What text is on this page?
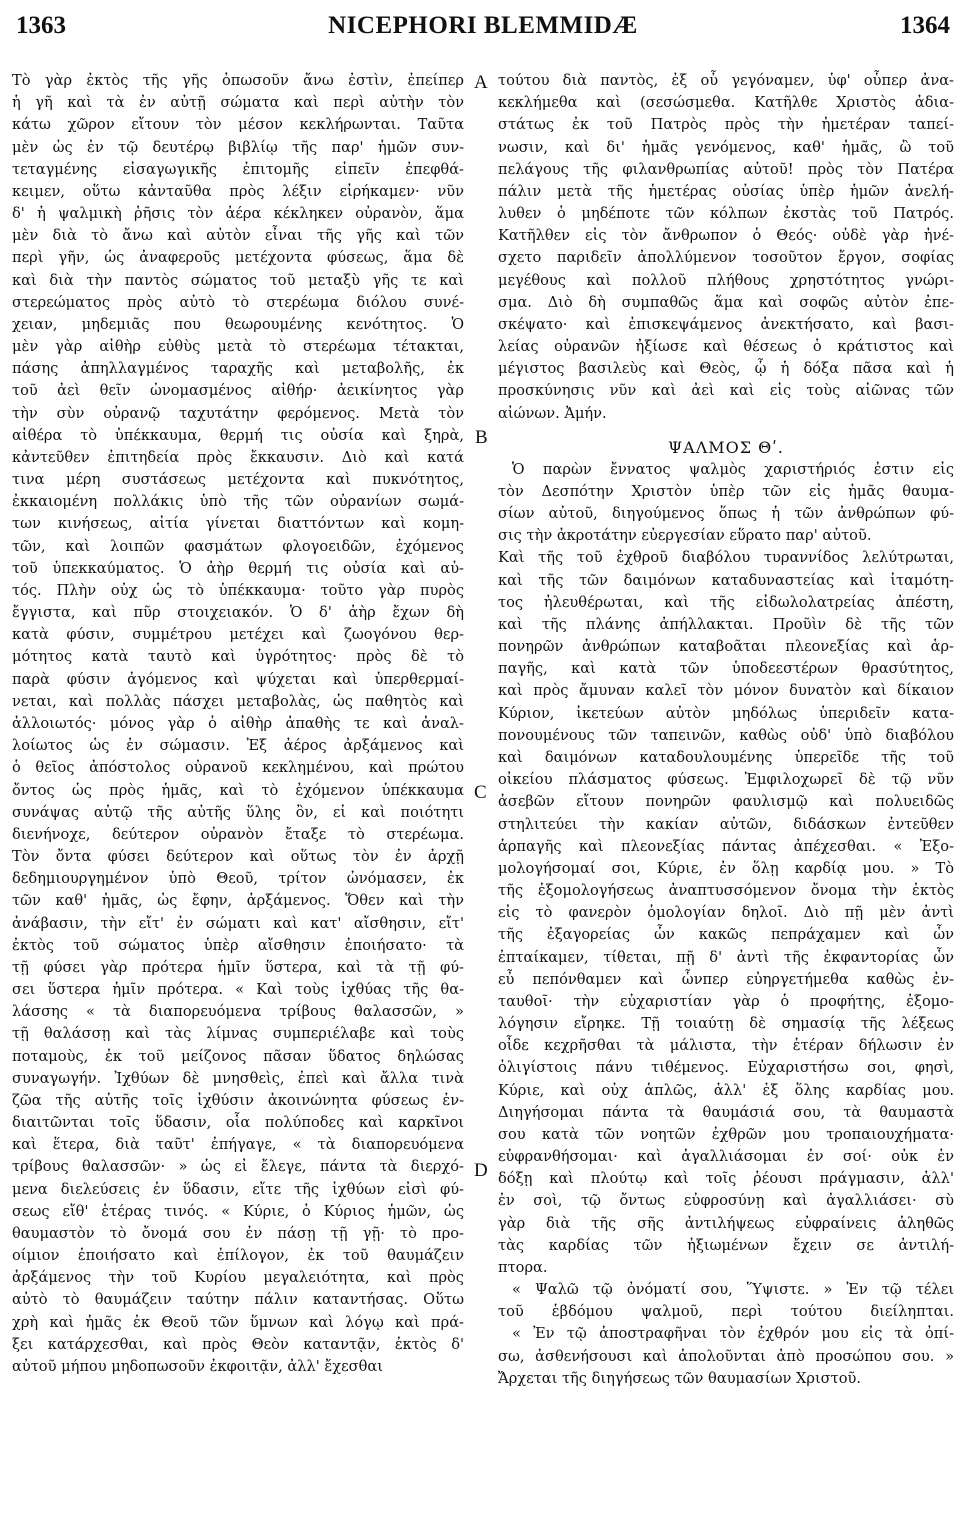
1363	NICEPHORI BLEMMIDÆ	1364
A
B
C
D
Τὸ γὰρ ἐκτὸς τῆς γῆς ὁπωσοῦν ἄνω ἐστὶν, ἐπείπερ
ἡ γῆ καὶ τὰ ἐν αὐτῇ σώματα καὶ περὶ αὐτὴν τὸν
κάτω χῶρον εἴτουν τὸν μέσον κεκλήρωνται. Ταῦτα
μὲν ὡς ἐν τῷ δευτέρῳ βιβλίῳ τῆς παρ' ἡμῶν συν-
τεταγμένης εἰσαγωγικῆς ἐπιτομῆς εἰπεῖν ἐπεφθά-
κειμεν, οὕτω κἀνταῦθα πρὸς λέξιν εἰρήκαμεν· νῦν
δ' ἡ ψαλμικὴ ῥῆσις τὸν ἀέρα κέκληκεν οὐρανὸν, ἅμα
μὲν διὰ τὸ ἄνω καὶ αὐτὸν εἶναι τῆς γῆς καὶ τῶν
περὶ γῆν, ὡς ἀναφεροῦς μετέχοντα φύσεως, ἅμα δὲ
καὶ διὰ τὴν παντὸς σώματος τοῦ μεταξὺ γῆς τε καὶ
στερεώματος πρὸς αὐτὸ τὸ στερέωμα διόλου συνέ-
χειαν, μηδεμιᾶς που θεωρουμένης κενότητος. Ὁ
μὲν γὰρ αἰθὴρ εὐθὺς μετὰ τὸ στερέωμα τέτακται,
πάσης ἀπηλλαγμένος ταραχῆς καὶ μεταβολῆς, ἐκ
τοῦ ἀεὶ θεῖν ὠνομασμένος αἰθήρ· ἀεικίνητος γὰρ
τὴν σὺν οὐρανῷ ταχυτάτην φερόμενος. Μετὰ τὸν
αἰθέρα τὸ ὑπέκκαυμα, θερμή τις οὐσία καὶ ξηρὰ,
κἀντεῦθεν ἐπιτηδεία πρὸς ἔκκαυσιν. Διὸ καὶ κατά
τινα μέρη συστάσεως μετέχοντα καὶ πυκνότητος,
ἐκκαιομένη πολλάκις ὑπὸ τῆς τῶν οὐρανίων σωμά-
των κινήσεως, αἰτία γίνεται διαττόντων καὶ κομη-
τῶν, καὶ λοιπῶν φασμάτων φλογοειδῶν, ἐχόμενος
τοῦ ὑπεκκαύματος. Ὁ ἀὴρ θερμή τις οὐσία καὶ αὐ-
τός. Πλὴν οὐχ ὡς τὸ ὑπέκκαυμα· τοῦτο γὰρ πυρὸς
ἔγγιστα, καὶ πῦρ στοιχειακόν. Ὁ δ' ἀὴρ ἔχων δὴ
κατὰ φύσιν, συμμέτρου μετέχει καὶ ζωογόνου θερ-
μότητος κατὰ ταυτὸ καὶ ὑγρότητος· πρὸς δὲ τὸ
παρὰ φύσιν ἀγόμενος καὶ ψύχεται καὶ ὑπερθερμαί-
νεται, καὶ πολλὰς πάσχει μεταβολὰς, ὡς παθητὸς καὶ
ἀλλοιωτός· μόνος γὰρ ὁ αἰθὴρ ἀπαθὴς τε καὶ ἀναλ-
λοίωτος ὡς ἐν σώμασιν. Ἐξ ἀέρος ἀρξάμενος καὶ
ὁ θεῖος ἀπόστολος οὐρανοῦ κεκλημένου, καὶ πρώτου
ὄντος ὡς πρὸς ἡμᾶς, καὶ τὸ ἐχόμενον ὑπέκκαυμα
συνάψας αὐτῷ τῆς αὐτῆς ὕλης ὂν, εἰ καὶ ποιότητι
διενήνοχε, δεύτερον οὐρανὸν ἔταξε τὸ στερέωμα.
Τὸν ὄντα φύσει δεύτερον καὶ οὕτως τὸν ἐν ἀρχῇ
δεδημιουργημένον ὑπὸ Θεοῦ, τρίτον ὠνόμασεν, ἐκ
τῶν καθ' ἡμᾶς, ὡς ἔφην, ἀρξάμενος. Ὅθεν καὶ τὴν
ἀνάβασιν, τὴν εἴτ' ἐν σώματι καὶ κατ' αἴσθησιν, εἴτ'
ἐκτὸς τοῦ σώματος ὑπὲρ αἴσθησιν ἐποιήσατο· τὰ
τῇ φύσει γὰρ πρότερα ἡμῖν ὕστερα, καὶ τὰ τῇ φύ-
σει ὕστερα ἡμῖν πρότερα. « Καὶ τοὺς ἰχθύας τῆς θα-
λάσσης « τὰ διαπορευόμενα τρίβους θαλασσῶν, »
τῇ θαλάσσῃ καὶ τὰς λίμνας συμπεριέλαβε καὶ τοὺς
ποταμοὺς, ἐκ τοῦ μείζονος πᾶσαν ὕδατος δηλώσας
συναγωγήν. Ἰχθύων δὲ μνησθεὶς, ἐπεὶ καὶ ἄλλα τινὰ
ζῶα τῆς αὐτῆς τοῖς ἰχθύσιν ἀκοινώνητα φύσεως ἐν-
διαιτῶνται τοῖς ὕδασιν, οἷα πολύποδες καὶ καρκῖνοι
καὶ ἕτερα, διὰ ταῦτ' ἐπήγαγε, « τὰ διαπορευόμενα
τρίβους θαλασσῶν· » ὡς εἰ ἔλεγε, πάντα τὰ διερχό-
μενα διελεύσεις ἐν ὕδασιν, εἴτε τῆς ἰχθύων εἰσὶ φύ-
σεως εἴθ' ἑτέρας τινός. « Κύριε, ὁ Κύριος ἡμῶν, ὡς
θαυμαστὸν τὸ ὄνομά σου ἐν πάσῃ τῇ γῇ· τὸ προ-
οίμιον ἐποιήσατο καὶ ἐπίλογον, ἐκ τοῦ θαυμάζειν
ἀρξάμενος τὴν τοῦ Κυρίου μεγαλειότητα, καὶ πρὸς
αὐτὸ τὸ θαυμάζειν ταύτην πάλιν καταντήσας. Οὕτω
χρὴ καὶ ἡμᾶς ἐκ Θεοῦ τῶν ὕμνων καὶ λόγῳ καὶ πρά-
ξει κατάρχεσθαι, καὶ πρὸς Θεὸν καταντᾷν, ἐκτὸς δ'
αὐτοῦ μήπου μηδοπωσοῦν ἐκφοιτᾷν, ἀλλ' ἔχεσθαι
τούτου διὰ παντὸς, ἐξ οὗ γεγόναμεν, ὑφ' οὗπερ ἀνα-
κεκλήμεθα καὶ (σεσώσμεθα. Κατῆλθε Χριστὸς ἀδια-
στάτως ἐκ τοῦ Πατρὸς πρὸς τὴν ἡμετέραν ταπεί-
νωσιν, καὶ δι' ἡμᾶς γενόμενος, καθ' ἡμᾶς, ὢ τοῦ
πελάγους τῆς φιλανθρωπίας αὐτοῦ! πρὸς τὸν Πατέρα
πάλιν μετὰ τῆς ἡμετέρας οὐσίας ὑπὲρ ἡμῶν ἀνελή-
λυθεν ὁ μηδέποτε τῶν κόλπων ἐκστὰς τοῦ Πατρός.
Κατῆλθεν εἰς τὸν ἄνθρωπον ὁ Θεός· οὐδὲ γὰρ ἠνέ-
σχετο παριδεῖν ἀπολλύμενον τοσοῦτον ἔργον, σοφίας
μεγέθους καὶ πολλοῦ πλήθους χρηστότητος γνώρι-
σμα. Διὸ δὴ συμπαθῶς ἅμα καὶ σοφῶς αὐτὸν ἐπε-
σκέψατο· καὶ ἐπισκεψάμενος ἀνεκτήσατο, καὶ βασι-
λείας οὐρανῶν ἠξίωσε καὶ θέσεως ὁ κράτιστος καὶ
μέγιστος βασιλεὺς καὶ Θεὸς, ᾧ ἡ δόξα πᾶσα καὶ ἡ
προσκύνησις νῦν καὶ ἀεὶ καὶ εἰς τοὺς αἰῶνας τῶν
αἰώνων. Ἀμήν.
ΨΑΛΜΟΣ Θʹ.
Ὁ παρὼν ἔννατος ψαλμὸς χαριστήριός ἐστιν εἰς
τὸν Δεσπότην Χριστὸν ὑπὲρ τῶν εἰς ἡμᾶς θαυμα-
σίων αὐτοῦ, διηγούμενος ὅπως ἡ τῶν ἀνθρώπων φύ-
σις τὴν ἀκροτάτην εὐεργεσίαν εὕρατο παρ' αὐτοῦ.
Καὶ τῆς τοῦ ἐχθροῦ διαβόλου τυραννίδος λελύτρωται,
καὶ τῆς τῶν δαιμόνων καταδυναστείας καὶ ἰταμότη-
τος ἠλευθέρωται, καὶ τῆς εἰδωλολατρείας ἀπέστη,
καὶ τῆς πλάνης ἀπήλλακται. Προῦὶν δὲ τῆς τῶν
πονηρῶν ἀνθρώπων καταβοᾶται πλεονεξίας καὶ ἁρ-
παγῆς, καὶ κατὰ τῶν ὑποδεεστέρων θρασύτητος,
καὶ πρὸς ἄμυναν καλεῖ τὸν μόνον δυνατὸν καὶ δίκαιον
Κύριον, ἱκετεύων αὐτὸν μηδόλως ὑπεριδεῖν κατα-
πονουμένους τῶν ταπεινῶν, καθὼς οὐδ' ὑπὸ διαβόλου
καὶ δαιμόνων καταδουλουμένης ὑπερεῖδε τῆς τοῦ
οἰκείου πλάσματος φύσεως. Ἐμφιλοχωρεῖ δὲ τῷ νῦν
ἀσεβῶν εἴτουν πονηρῶν φαυλισμῷ καὶ πολυειδῶς
στηλιτεύει τὴν κακίαν αὐτῶν, διδάσκων ἐντεῦθεν
ἁρπαγῆς καὶ πλεονεξίας πάντας ἀπέχεσθαι. « Ἐξο-
μολογήσομαί σοι, Κύριε, ἐν ὅλῃ καρδίᾳ μου. » Τὸ
τῆς ἐξομολογήσεως ἀναπτυσσόμενον ὄνομα τὴν ἐκτὸς
εἰς τὸ φανερὸν ὁμολογίαν δηλοῖ. Διὸ πῇ μὲν ἀντὶ
τῆς ἐξαγορείας ὧν κακῶς πεπράχαμεν καὶ ὧν
ἐπταίκαμεν, τίθεται, πῇ δ' ἀντὶ τῆς ἐκφαντορίας ὧν
εὖ πεπόνθαμεν καὶ ὧνπερ εὐηργετήμεθα καθὼς ἐν-
ταυθοῖ· τὴν εὐχαριστίαν γὰρ ὁ προφήτης, ἐξομο-
λόγησιν εἴρηκε. Τῇ τοιαύτῃ δὲ σημασίᾳ τῆς λέξεως
οἶδε κεχρῆσθαι τὰ μάλιστα, τὴν ἑτέραν δήλωσιν ἐν
ὀλιγίστοις πάνυ τιθέμενος. Εὐχαριστήσω σοι, φησὶ,
Κύριε, καὶ οὐχ ἁπλῶς, ἀλλ' ἐξ ὅλης καρδίας μου.
Διηγήσομαι πάντα τὰ θαυμάσιά σου, τὰ θαυμαστὰ
σου κατὰ τῶν νοητῶν ἐχθρῶν μου τροπαιουχήματα·
εὐφρανθήσομαι· καὶ ἀγαλλιάσομαι ἐν σοί· οὐκ ἐν
δόξῃ καὶ πλούτῳ καὶ τοῖς ῥέουσι πράγμασιν, ἀλλ'
ἐν σοὶ, τῷ ὄντως εὐφροσύνῃ καὶ ἀγαλλιάσει· σὺ
γὰρ διὰ τῆς σῆς ἀντιλήψεως εὐφραίνεις ἀληθῶς
τὰς καρδίας τῶν ἠξιωμένων ἔχειν σε ἀντιλή-
πτορα.
« Ψαλῶ τῷ ὀνόματί σου, Ὕψιστε. » Ἐν τῷ τέλει
τοῦ ἑβδόμου ψαλμοῦ, περὶ τούτου διείληπται.
« Ἐν τῷ ἀποστραφῆναι τὸν ἐχθρόν μου εἰς τὰ ὀπί-
σω, ἀσθενήσουσι καὶ ἀπολοῦνται ἀπὸ προσώπου σου. »
Ἄρχεται τῆς διηγήσεως τῶν θαυμασίων Χριστοῦ.
